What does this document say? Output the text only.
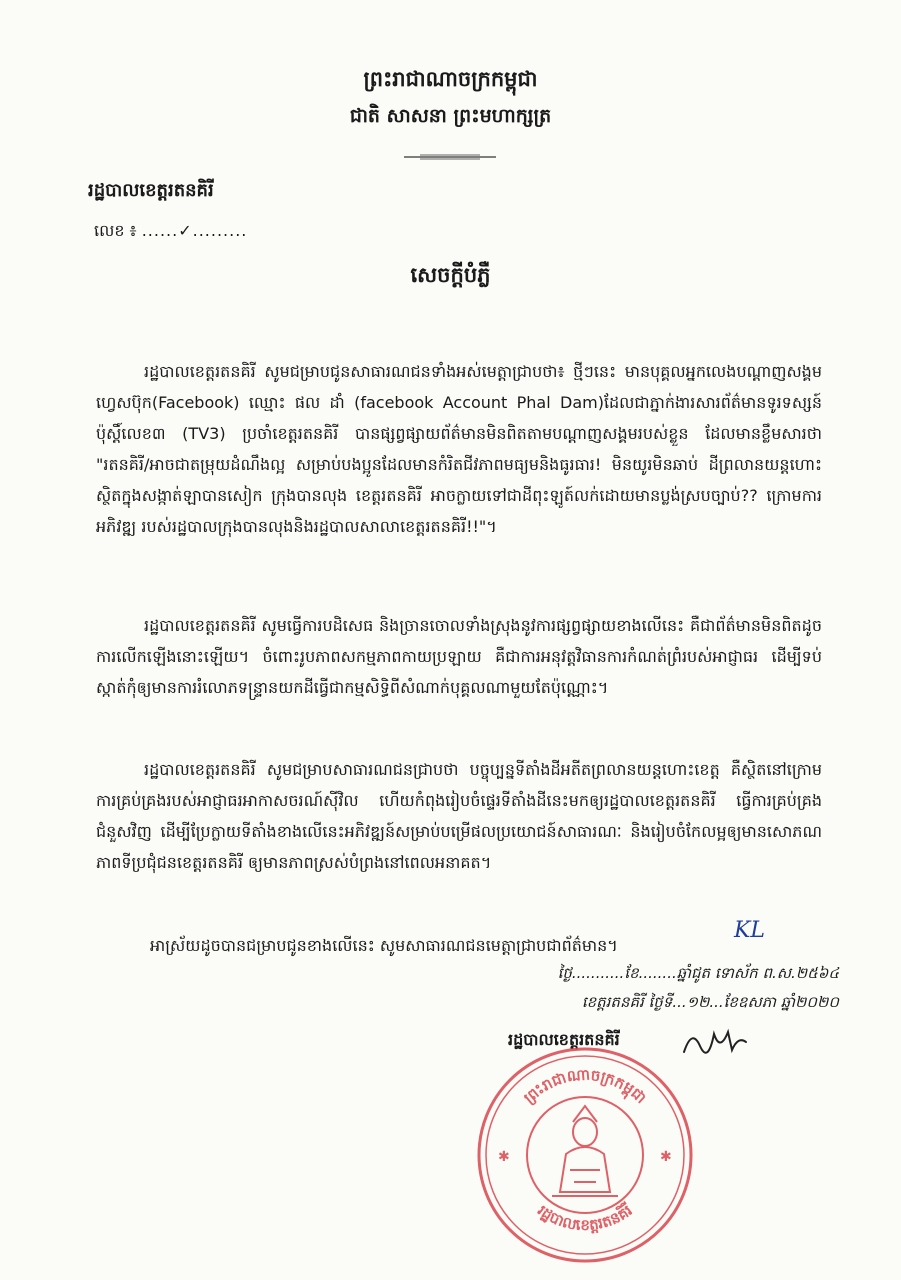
ព្រះរាជាណាចក្រកម្ពុជា
ជាតិ សាសនា ព្រះមហាក្សត្រ
រដ្ឋបាលខេត្តរតនគិរី
លេខ ៖ ......✓.........
សេចក្តីបំភ្លឺ

រដ្ឋបាលខេត្តរតនគិរី សូមជម្រាបជូនសាធារណជនទាំងអស់មេត្តាជ្រាបថា៖ ថ្មីៗនេះ មានបុគ្គលអ្នកលេងបណ្តាញសង្គមហ្វេសប៊ុក(Facebook) ឈ្មោះ ផល ដាំ (facebook Account Phal Dam)ដែលជាភ្នាក់ងារសារព័ត៌មានទូរទស្សន៍ប៉ុស្តិ៍លេខ៣ (TV3) ប្រចាំខេត្តរតនគិរី បានផ្សព្វផ្សាយព័ត៌មានមិនពិតតាមបណ្តាញសង្គមរបស់ខ្លួន ដែលមានខ្លឹមសារថា "រតនគិរី/អាចជាតម្រុយដំណឹងល្អ សម្រាប់បងប្អូនដែលមានកំរិតជីវភាពមធ្យមនិងធូរធារ! មិនយូរមិនឆាប់ ដីព្រលានយន្តហោះស្ថិតក្នុងសង្កាត់ឡាបានសៀក ក្រុងបានលុង ខេត្តរតនគិរី អាចក្លាយទៅជាដីពុះឡូត៍លក់ដោយមានប្លង់ស្របច្បាប់?? ក្រោមការអភិវឌ្ឍ របស់រដ្ឋបាលក្រុងបានលុងនិងរដ្ឋបាលសាលាខេត្តរតនគិរី!!"។

រដ្ឋបាលខេត្តរតនគិរី សូមធ្វើការបដិសេធ និងច្រានចោលទាំងស្រុងនូវការផ្សព្វផ្សាយខាងលើនេះ គឺជាព័ត៌មានមិនពិតដូចការលើកឡើងនោះឡើយ។ ចំពោះរូបភាពសកម្មភាពកាយប្រឡាយ គឺជាការអនុវត្តវិធានការកំណត់ព្រំរបស់អាជ្ញាធរ ដើម្បីទប់ស្កាត់កុំឲ្យមានការរំលោភទន្រ្ទានយកដីធ្វើជាកម្មសិទ្ធិពីសំណាក់បុគ្គលណាមួយតែប៉ុណ្ណោះ។

រដ្ឋបាលខេត្តរតនគិរី សូមជម្រាបសាធារណជនជ្រាបថា បច្ចុប្បន្នទីតាំងដីអតីតព្រលានយន្តហោះខេត្ត គឺស្ថិតនៅក្រោមការគ្រប់គ្រងរបស់អាជ្ញាធរអាកាសចរណ៍ស៊ីវិល ហើយកំពុងរៀបចំផ្ទេរទីតាំងដីនេះមកឲ្យរដ្ឋបាលខេត្តរតនគិរី ធ្វើការគ្រប់គ្រងជំនួសវិញ ដើម្បីប្រែក្លាយទីតាំងខាងលើនេះអភិវឌ្ឍន៍សម្រាប់បម្រើផលប្រយោជន៍សាធារណៈ និងរៀបចំកែលម្អឲ្យមានសោភណភាពទីប្រជុំជនខេត្តរតនគិរី ឲ្យមានភាពស្រស់បំព្រងនៅពេលអនាគត។

អាស្រ័យដូចបានជម្រាបជូនខាងលើនេះ សូមសាធារណជនមេត្តាជ្រាបជាព័ត៌មាន។

KL
ថ្ងៃ...........ខែ........ឆ្នាំជូត ទោស័ក ព.ស.២៥៦៤
ខេត្តរតនគិរី ថ្ងៃទី...១២...ខែឧសភា ឆ្នាំ២០២០
រដ្ឋបាលខេត្តរតនគិរី
ព្រះរាជាណាចក្រកម្ពុជា
រដ្ឋបាលខេត្តរតនគិរី
✱	✱
